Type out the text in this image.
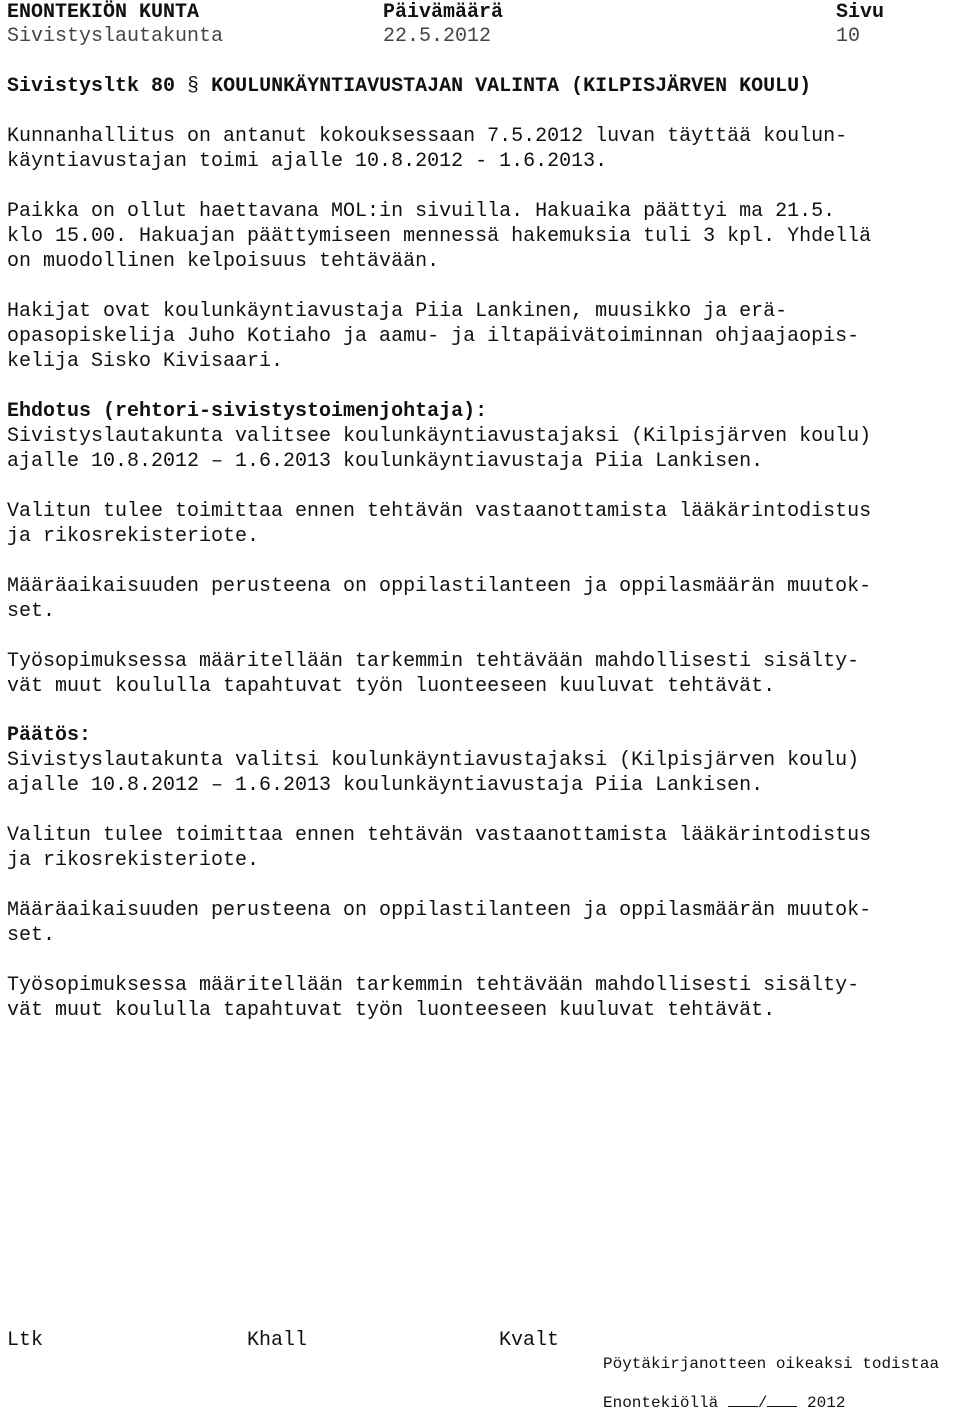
ENONTEKIÖN KUNTA	Päivämäärä	Sivu
Sivistyslautakunta	22.5.2012	10
Sivistysltk 80 § KOULUNKÄYNTIAVUSTAJAN VALINTA (KILPISJÄRVEN KOULU)
Kunnanhallitus on antanut kokouksessaan 7.5.2012 luvan täyttää koulun-
käyntiavustajan toimi ajalle 10.8.2012 - 1.6.2013.
Paikka on ollut haettavana MOL:in sivuilla. Hakuaika päättyi ma 21.5.
klo 15.00. Hakuajan päättymiseen mennessä hakemuksia tuli 3 kpl. Yhdellä
on muodollinen kelpoisuus tehtävään.
Hakijat ovat koulunkäyntiavustaja Piia Lankinen, muusikko ja erä-
opasopiskelija Juho Kotiaho ja aamu- ja iltapäivätoiminnan ohjaajaopis-
kelija Sisko Kivisaari.
Ehdotus (rehtori-sivistystoimenjohtaja):
Sivistyslautakunta valitsee koulunkäyntiavustajaksi (Kilpisjärven koulu)
ajalle 10.8.2012 – 1.6.2013 koulunkäyntiavustaja Piia Lankisen.
Valitun tulee toimittaa ennen tehtävän vastaanottamista lääkärintodistus
ja rikosrekisteriote.
Määräaikaisuuden perusteena on oppilastilanteen ja oppilasmäärän muutok-
set.
Työsopimuksessa määritellään tarkemmin tehtävään mahdollisesti sisälty-
vät muut koululla tapahtuvat työn luonteeseen kuuluvat tehtävät.
Päätös:
Sivistyslautakunta valitsi koulunkäyntiavustajaksi (Kilpisjärven koulu)
ajalle 10.8.2012 – 1.6.2013 koulunkäyntiavustaja Piia Lankisen.
Valitun tulee toimittaa ennen tehtävän vastaanottamista lääkärintodistus
ja rikosrekisteriote.
Määräaikaisuuden perusteena on oppilastilanteen ja oppilasmäärän muutok-
set.
Työsopimuksessa määritellään tarkemmin tehtävään mahdollisesti sisälty-
vät muut koululla tapahtuvat työn luonteeseen kuuluvat tehtävät.
Ltk	Khall	Kvalt
Pöytäkirjanotteen oikeaksi todistaa
Enontekiöllä / 2012
